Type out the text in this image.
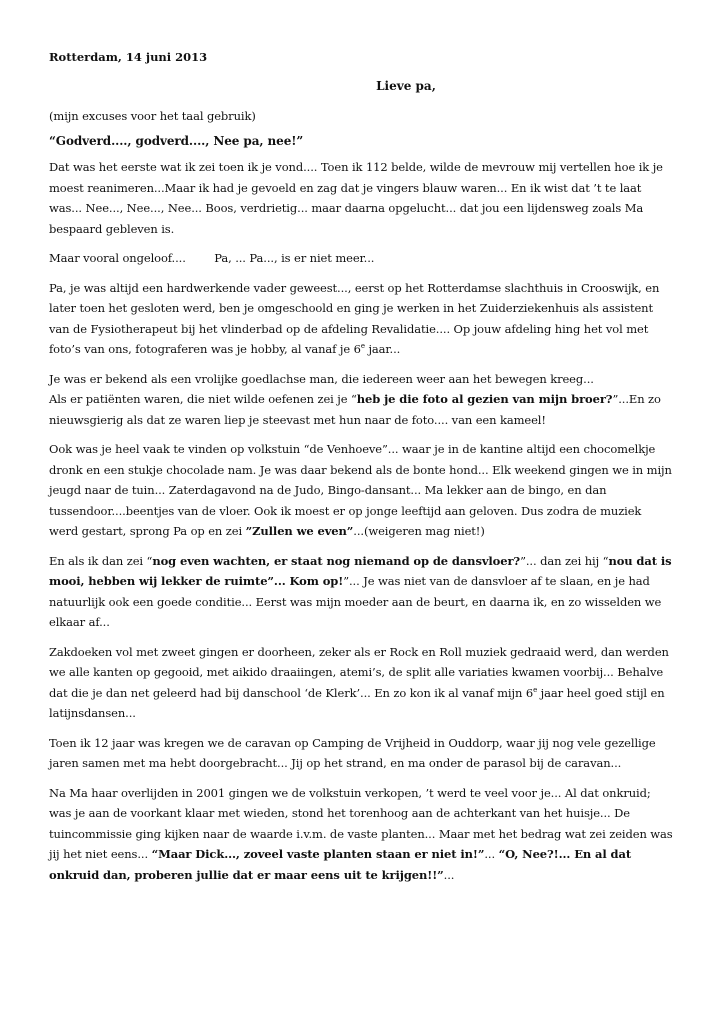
Rotterdam, 14 juni 2013
Lieve pa,

(mijn excuses voor het taal gebruik)

“Godverd...., godverd...., Nee pa, nee!”

Dat was het eerste wat ik zei toen ik je vond.... Toen ik 112 belde, wilde de mevrouw mij vertellen hoe ik je moest reanimeren...Maar ik had je gevoeld en zag dat je vingers blauw waren... En ik wist dat ’t te laat was... Nee..., Nee..., Nee... Boos, verdrietig... maar daarna opgelucht... dat jou een lijdensweg zoals Ma bespaard gebleven is.

Maar vooral ongeloof....        Pa, ... Pa..., is er niet meer...

Pa, je was altijd een hardwerkende vader geweest..., eerst op het Rotterdamse slachthuis in Crooswijk, en later toen het gesloten werd, ben je omgeschoold en ging je werken in het Zuiderziekenhuis als assistent van de Fysiotherapeut bij het vlinderbad op de afdeling Revalidatie.... Op jouw afdeling hing het vol met foto’s van ons, fotograferen was je hobby, al vanaf je 6e jaar...

Je was er bekend als een vrolijke goedlachse man, die iedereen weer aan het bewegen kreeg...
Als er patiënten waren, die niet wilde oefenen zei je “heb je die foto al gezien van mijn broer?”...En zo nieuwsgierig als dat ze waren liep je steevast met hun naar de foto.... van een kameel!

Ook was je heel vaak te vinden op volkstuin “de Venhoeve”... waar je in de kantine altijd een chocomelkje dronk en een stukje chocolade nam. Je was daar bekend als de bonte hond... Elk weekend gingen we in mijn jeugd naar de tuin... Zaterdagavond na de Judo, Bingo-dansant... Ma lekker aan de bingo, en dan tussendoor....beentjes van de vloer. Ook ik moest er op jonge leeftijd aan geloven. Dus zodra de muziek werd gestart, sprong Pa op en zei ”Zullen we even”...(weigeren mag niet!)

En als ik dan zei “nog even wachten, er staat nog niemand op de dansvloer?”... dan zei hij “nou dat is mooi, hebben wij lekker de ruimte”... Kom op!”... Je was niet van de dansvloer af te slaan, en je had natuurlijk ook een goede conditie... Eerst was mijn moeder aan de beurt, en daarna ik, en zo wisselden we elkaar af...

Zakdoeken vol met zweet gingen er doorheen, zeker als er Rock en Roll muziek gedraaid werd, dan werden we alle kanten op gegooid, met aikido draaiingen, atemi’s, de split alle variaties kwamen voorbij... Behalve dat die je dan net geleerd had bij danschool ‘de Klerk’... En zo kon ik al vanaf mijn 6e jaar heel goed stijl en latijnsdansen...

Toen ik 12 jaar was kregen we de caravan op Camping de Vrijheid in Ouddorp, waar jij nog vele gezellige jaren samen met ma hebt doorgebracht... Jij op het strand, en ma onder de parasol bij de caravan...

Na Ma haar overlijden in 2001 gingen we de volkstuin verkopen, ’t werd te veel voor je... Al dat onkruid; was je aan de voorkant klaar met wieden, stond het torenhoog aan de achterkant van het huisje... De tuincommissie ging kijken naar de waarde i.v.m. de vaste planten... Maar met het bedrag wat zei zeiden was jij het niet eens... “Maar Dick..., zoveel vaste planten staan er niet in!”... “O, Nee?!... En al dat onkruid dan, proberen jullie dat er maar eens uit te krijgen!!”...
